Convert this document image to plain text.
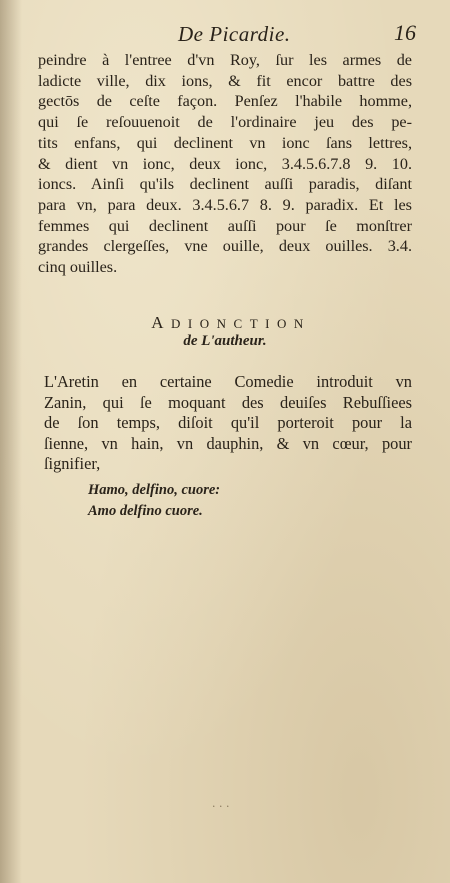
De Picardie.	16
peindre à l'entree d'vn Roy, ſur les armes de
ladicte ville, dix ions, & fit encor battre des
gectōs de ceſte façon. Penſez l'habile homme,
qui ſe reſouuenoit de l'ordinaire jeu des pe-
tits enfans, qui declinent vn ionc ſans lettres,
& dient vn ionc, deux ionc, 3.4.5.6.7.8 9. 10.
ioncs. Ainſi qu'ils declinent auſſi paradis, diſant
para vn, para deux. 3.4.5.6.7 8. 9. paradix. Et les
femmes qui declinent auſſi pour ſe monſtrer
grandes clergeſſes, vne ouille, deux ouilles. 3.4.
cinq ouilles.
ADIONCTION
de L'autheur.
L'Aretin en certaine Comedie introduit vn
Zanin, qui ſe moquant des deuiſes Rebuſſiees
de ſon temps, diſoit qu'il porteroit pour la
ſienne, vn hain, vn dauphin, & vn cœur, pour
ſignifier,
Hamo, delfino, cuore:
Amo delfino cuore.
· · ·
